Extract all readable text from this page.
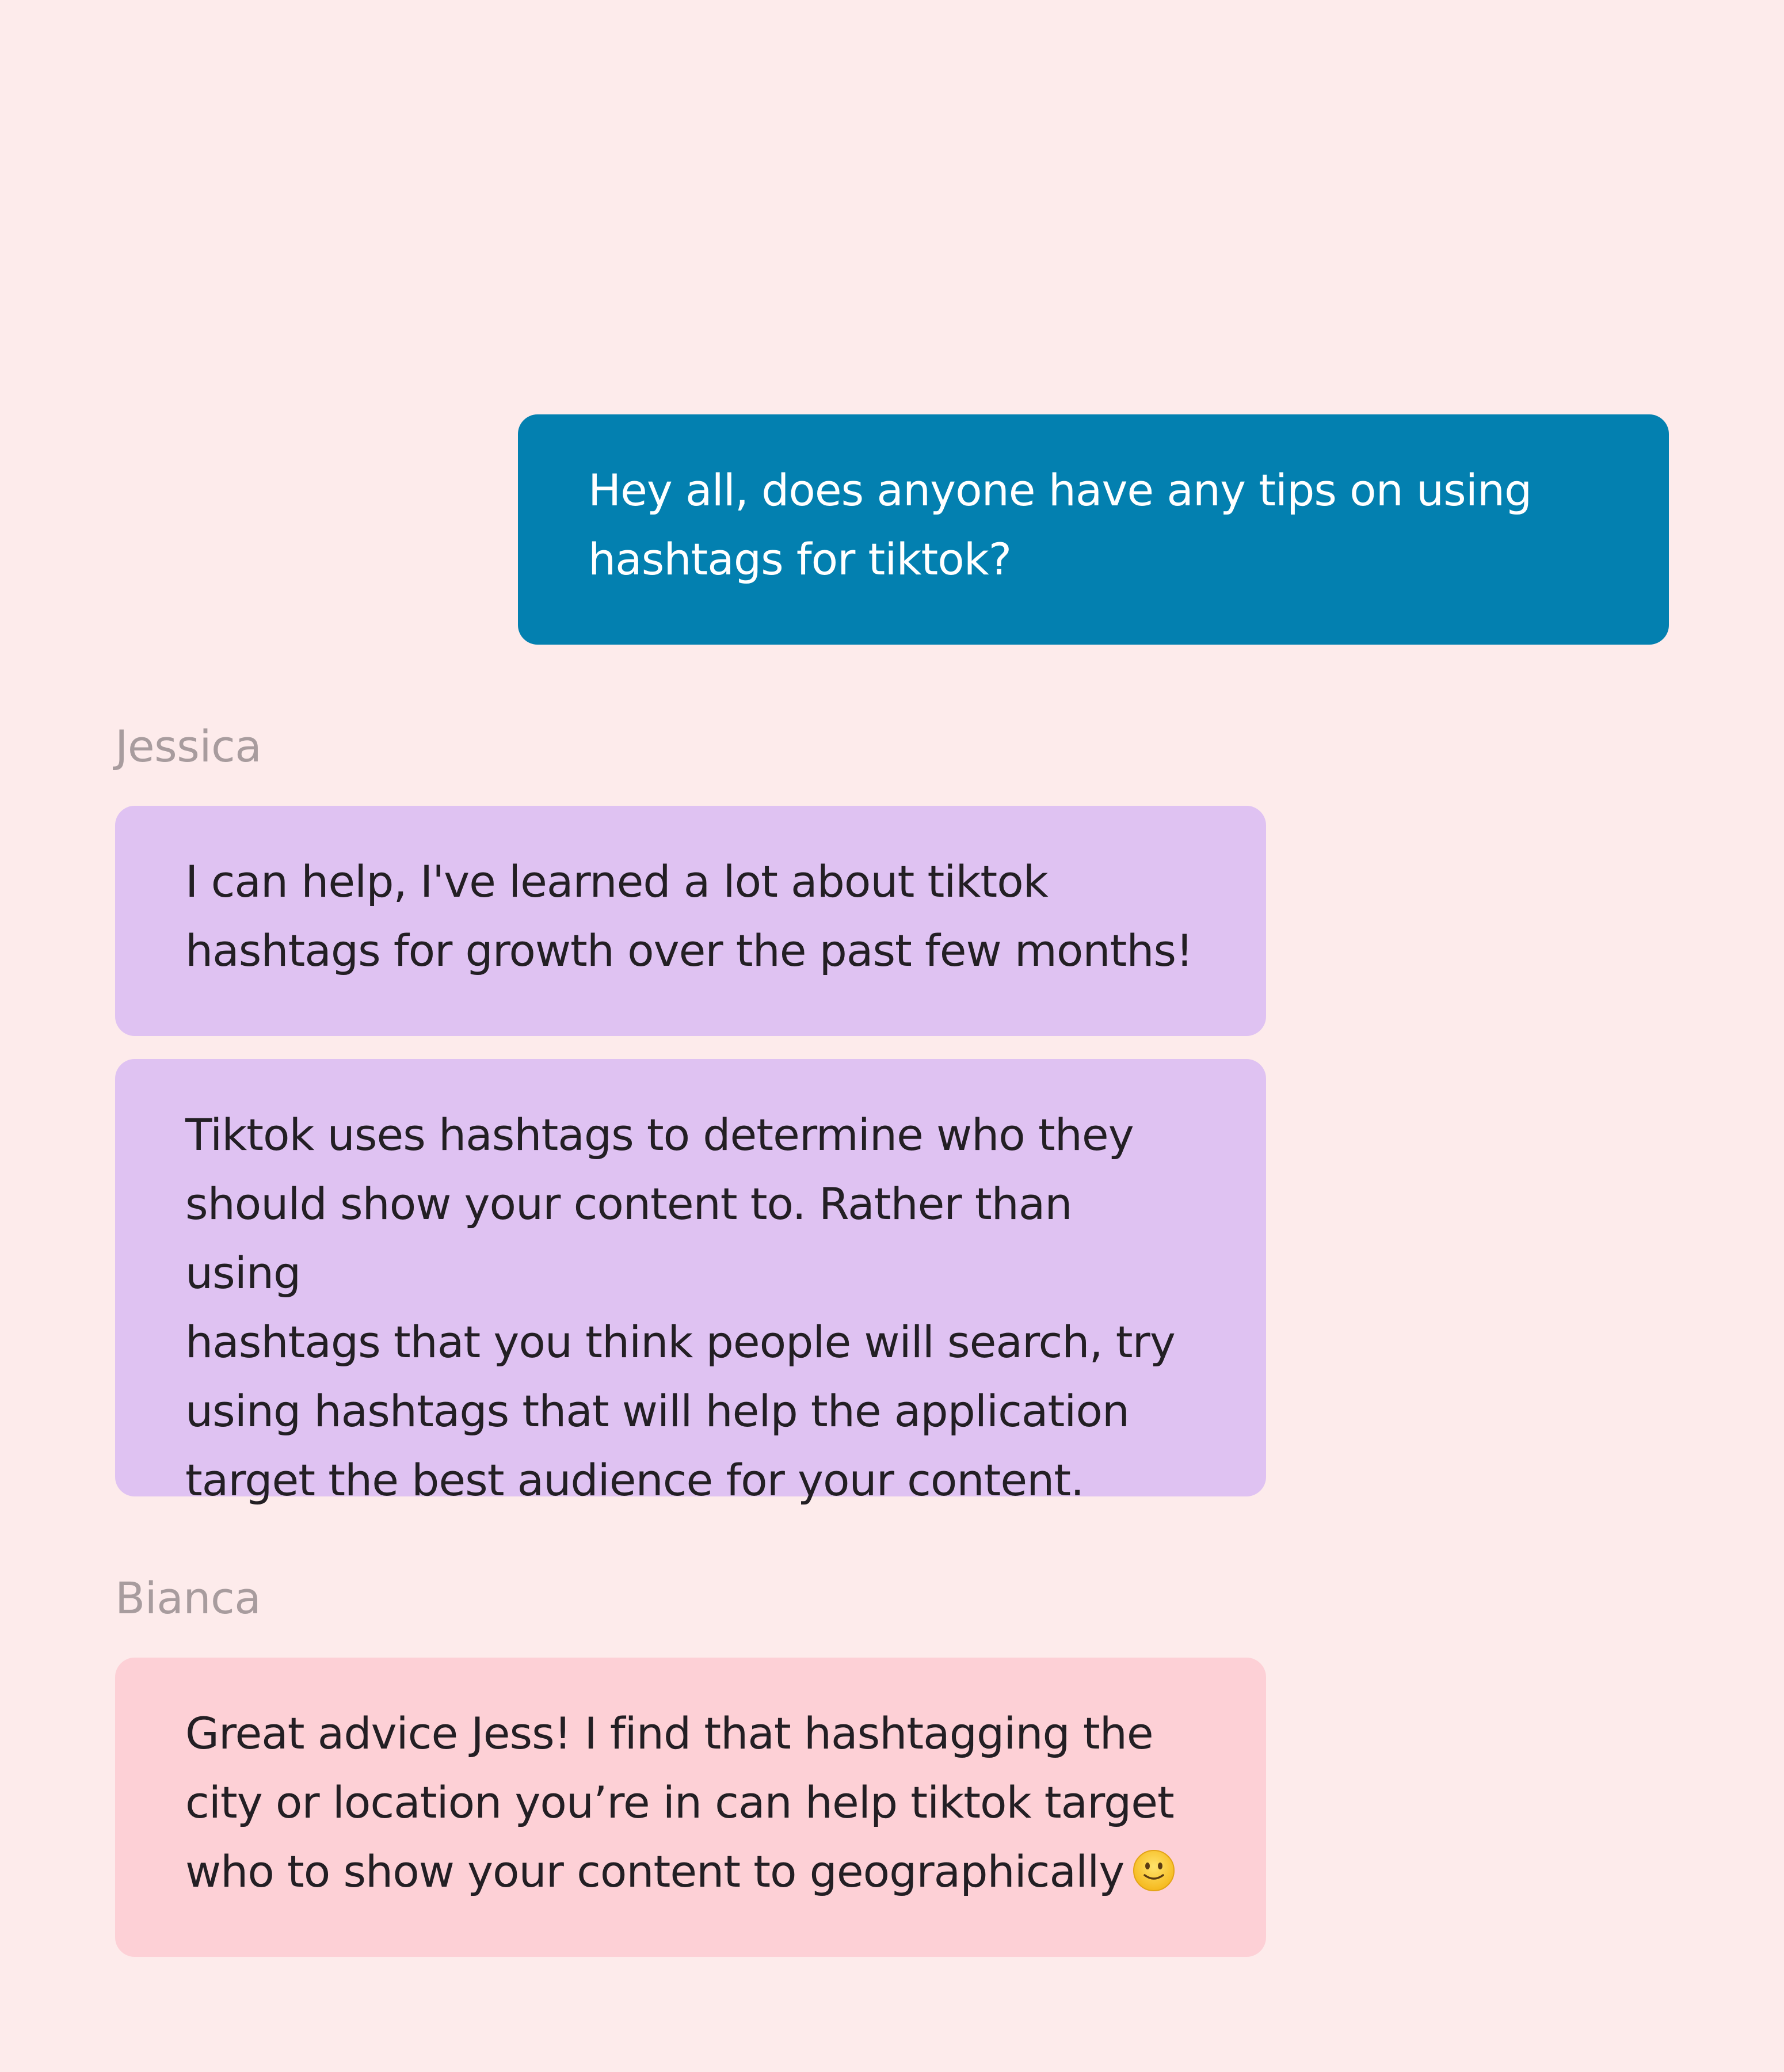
Hey all, does anyone have any tips on using

hashtags for tiktok?

Jessica

I can help, I've learned a lot about tiktok

hashtags for growth over the past few months!

Tiktok uses hashtags to determine who they

should show your content to. Rather than using

hashtags that you think people will search, try

using hashtags that will help the application

target the best audience for your content.

Bianca

Great advice Jess! I find that hashtagging the

city or location you’re in can help tiktok target

who to show your content to geographically
